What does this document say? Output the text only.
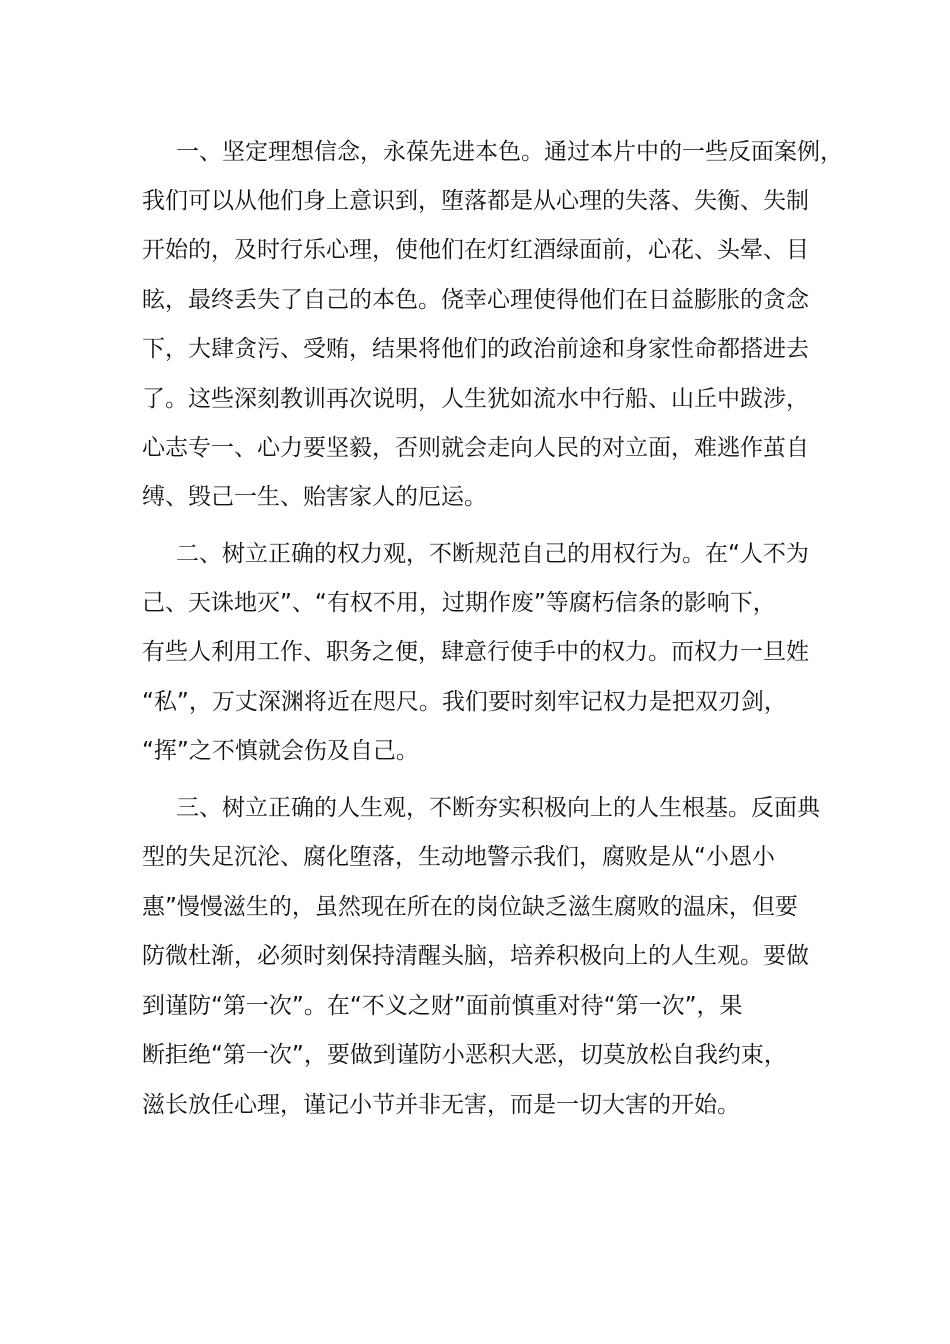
一、坚定理想信念，永葆先进本色。通过本片中的一些反面案例，

我们可以从他们身上意识到，堕落都是从心理的失落、失衡、失制

开始的，及时行乐心理，使他们在灯红酒绿面前，心花、头晕、目

眩，最终丢失了自己的本色。侥幸心理使得他们在日益膨胀的贪念

下，大肆贪污、受贿，结果将他们的政治前途和身家性命都搭进去

了。这些深刻教训再次说明，人生犹如流水中行船、山丘中跋涉，

心志专一、心力要坚毅，否则就会走向人民的对立面，难逃作茧自

缚、毁己一生、贻害家人的厄运。

二、树立正确的权力观，不断规范自己的用权行为。在“人不为

己、天诛地灭”、“有权不用，过期作废”等腐朽信条的影响下，

有些人利用工作、职务之便，肆意行使手中的权力。而权力一旦姓

“私”，万丈深渊将近在咫尺。我们要时刻牢记权力是把双刃剑，

“挥”之不慎就会伤及自己。

三、树立正确的人生观，不断夯实积极向上的人生根基。反面典

型的失足沉沦、腐化堕落，生动地警示我们，腐败是从“小恩小

惠”慢慢滋生的，虽然现在所在的岗位缺乏滋生腐败的温床，但要

防微杜渐，必须时刻保持清醒头脑，培养积极向上的人生观。要做

到谨防“第一次”。在“不义之财”面前慎重对待“第一次”，果

断拒绝“第一次”，要做到谨防小恶积大恶，切莫放松自我约束，

滋长放任心理，谨记小节并非无害，而是一切大害的开始。
